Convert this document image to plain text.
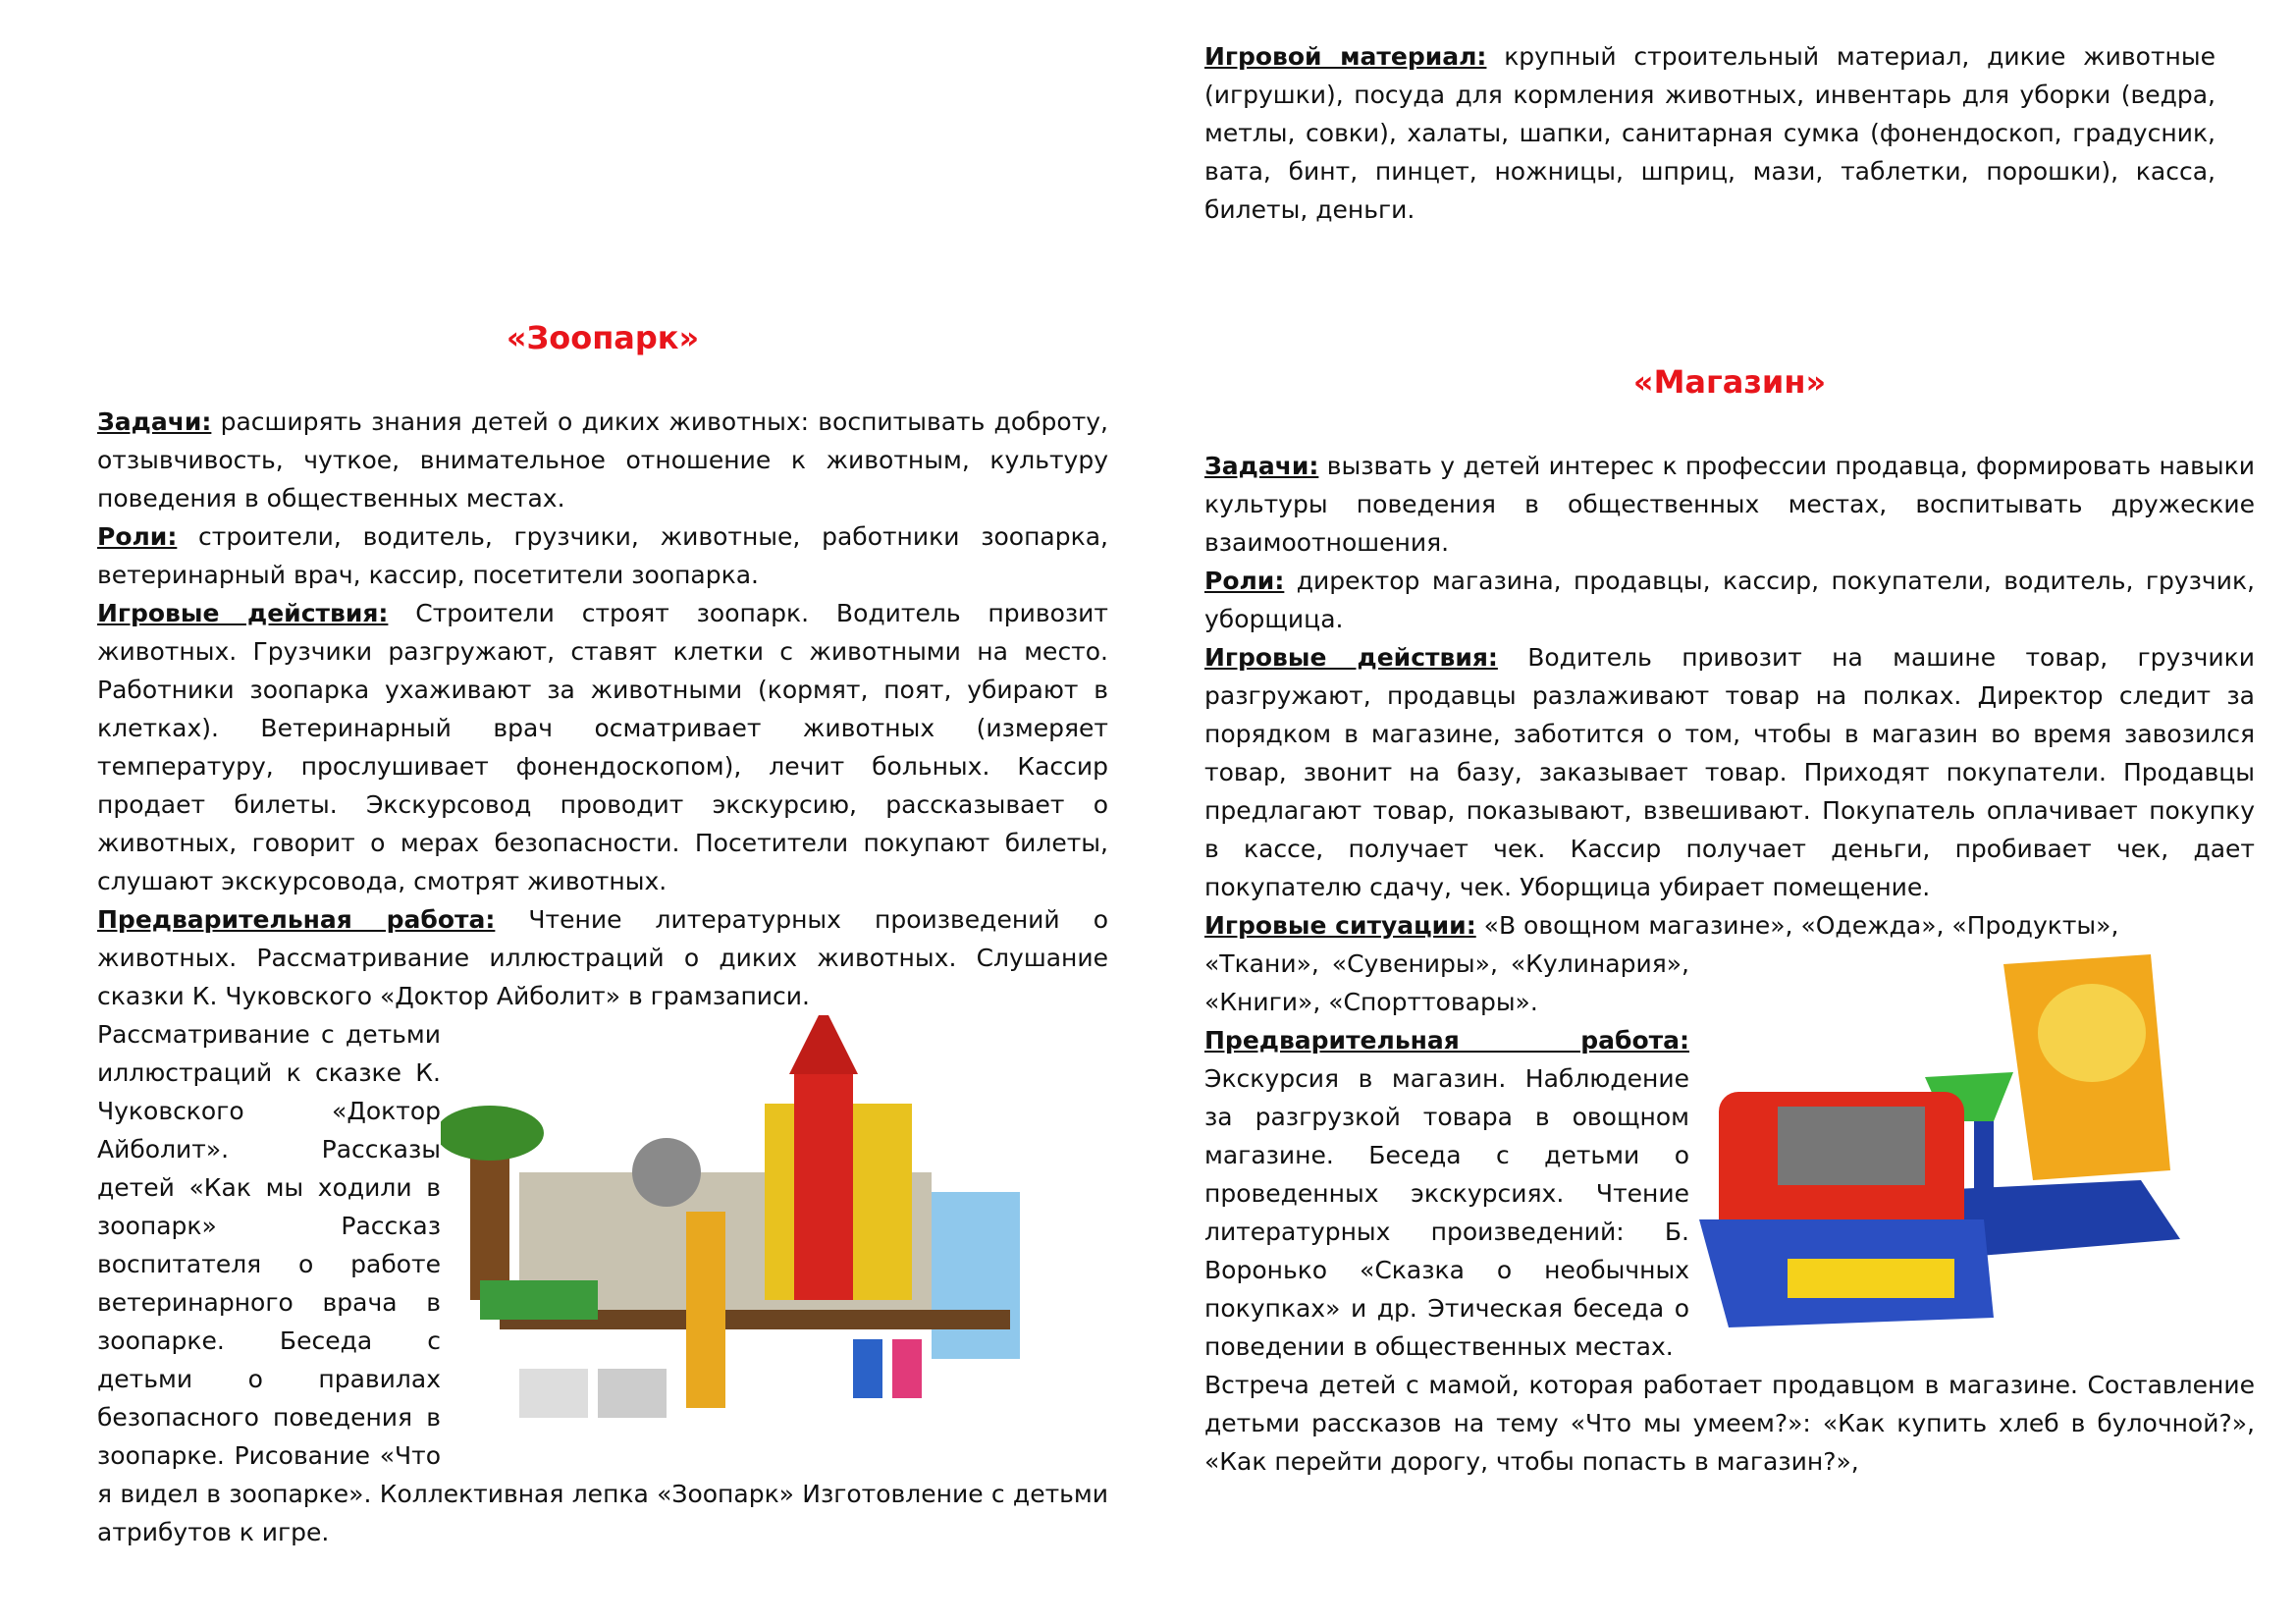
Игровой материал: крупный строительный материал, дикие животные (игрушки), посуда для кормления животных, инвентарь для уборки (ведра, метлы, совки), халаты, шапки, санитарная сумка (фонендоскоп, градусник, вата, бинт, пинцет, ножницы, шприц, мази, таблетки, порошки), касса, билеты, деньги.

«Зоопарк»

Задачи: расширять знания детей о диких животных: воспитывать доброту, отзывчивость, чуткое, внимательное отношение к животным, культуру поведения в общественных местах.

Роли: строители, водитель, грузчики, животные, работники зоопарка, ветеринарный врач, кассир, посетители зоопарка.

Игровые действия: Строители строят зоопарк. Водитель привозит животных. Грузчики разгружают, ставят клетки с животными на место. Работники зоопарка ухаживают за животными (кормят, поят, убирают в клетках). Ветеринарный врач осматривает животных (измеряет температуру, прослушивает фонендоскопом), лечит больных. Кассир продает билеты. Экскурсовод проводит экскурсию, рассказывает о животных, говорит о мерах безопасности. Посетители покупают билеты, слушают экскурсовода, смотрят животных.

Предварительная работа: Чтение литературных произведений о животных. Рассматривание иллюстраций о диких животных. Слушание сказки К. Чуковского «Доктор Айболит» в грамзаписи.

Рассматривание с детьми иллюстраций к сказке К. Чуковского «Доктор Айболит». Рассказы детей «Как мы ходили в зоопарк» Рассказ воспитателя о работе ветеринарного врача в зоопарке. Беседа с детьми о правилах безопасного поведения в зоопарке. Рисование «Что я видел в зоопарке». Коллективная лепка «Зоопарк» Изготовление с детьми атрибутов к игре.

«Магазин»

Задачи: вызвать у детей интерес к профессии продавца, формировать навыки культуры поведения в общественных местах, воспитывать дружеские взаимоотношения.

Роли: директор магазина, продавцы, кассир, покупатели, водитель, грузчик, уборщица.

Игровые действия: Водитель привозит на машине товар, грузчики разгружают, продавцы разлаживают товар на полках. Директор следит за порядком в магазине, заботится о том, чтобы в магазин во время завозился товар, звонит на базу, заказывает товар. Приходят покупатели. Продавцы предлагают товар, показывают, взвешивают. Покупатель оплачивает покупку в кассе, получает чек. Кассир получает деньги, пробивает чек, дает покупателю сдачу, чек. Уборщица убирает помещение.

Игровые ситуации: «В овощном магазине», «Одежда», «Продукты»,

«Ткани», «Сувениры», «Кулинария», «Книги», «Спорттовары».

Предварительная работа: Экскурсия в магазин. Наблюдение за разгрузкой товара в овощном магазине. Беседа с детьми о проведенных экскурсиях. Чтение литературных произведений: Б. Воронько «Сказка о необычных покупках» и др. Этическая беседа о поведении в общественных местах.

Встреча детей с мамой, которая работает продавцом в магазине. Составление детьми рассказов на тему «Что мы умеем?»: «Как купить хлеб в булочной?», «Как перейти дорогу, чтобы попасть в магазин?»,
